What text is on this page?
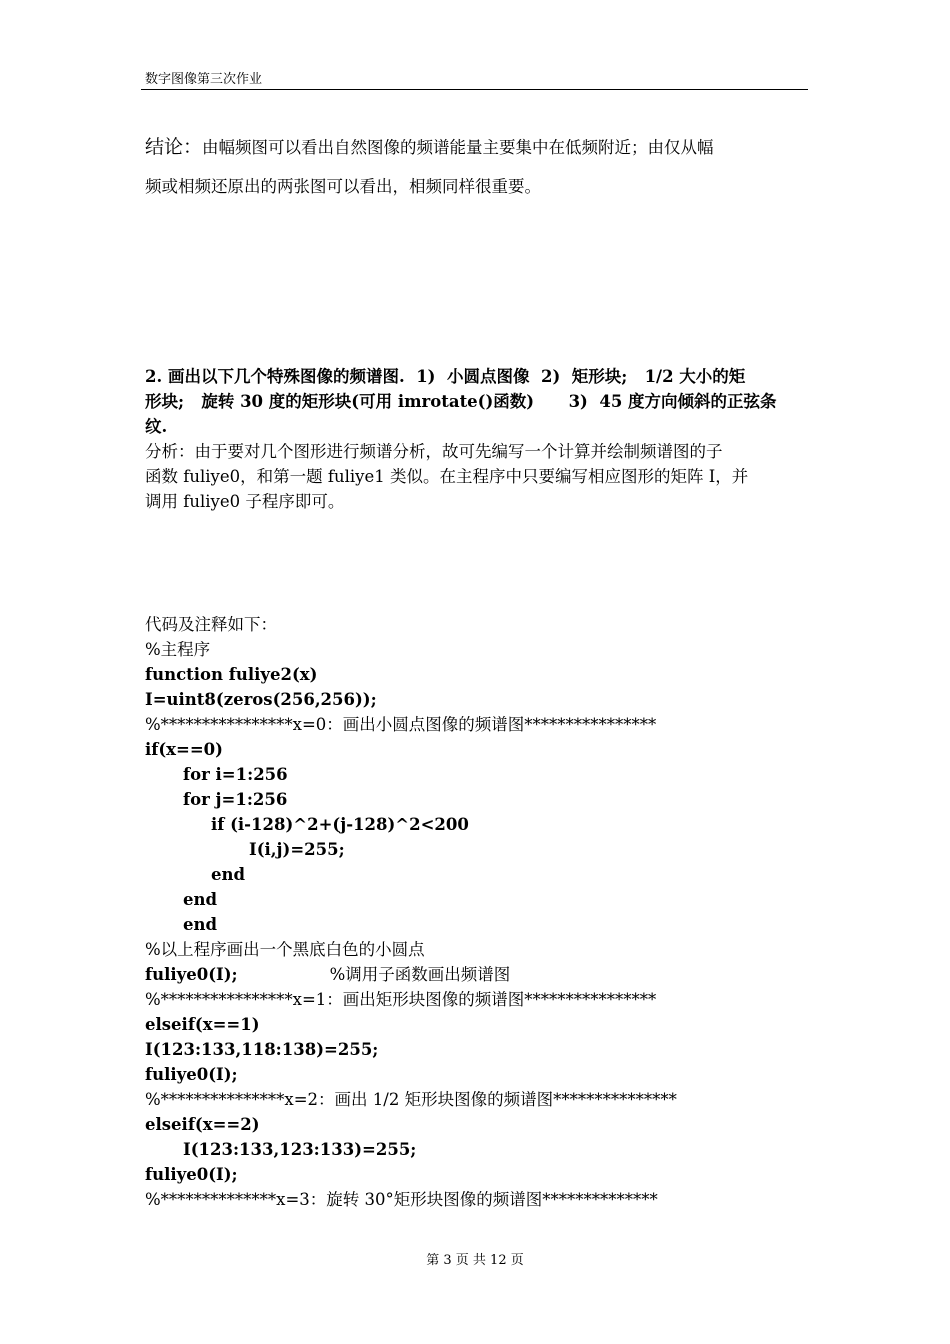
数字图像第三次作业
结论：由幅频图可以看出自然图像的频谱能量主要集中在低频附近；由仅从幅
频或相频还原出的两张图可以看出，相频同样很重要。
2. 画出以下几个特殊图像的频谱图.  1)  小圆点图像  2)  矩形块;   1/2 大小的矩
形块;   旋转 30 度的矩形块(可用 imrotate()函数)      3)  45 度方向倾斜的正弦条
纹.
分析：由于要对几个图形进行频谱分析，故可先编写一个计算并绘制频谱图的子
函数 fuliye0，和第一题 fuliye1 类似。在主程序中只要编写相应图形的矩阵 I，并
调用 fuliye0 子程序即可。
代码及注释如下：
%主程序
function fuliye2(x)
I=uint8(zeros(256,256));
%****************x=0：画出小圆点图像的频谱图****************
if(x==0)
for i=1:256
for j=1:256
if (i-128)^2+(j-128)^2<200
I(i,j)=255;
end
end
end
%以上程序画出一个黑底白色的小圆点
fuliye0(I);	%调用子函数画出频谱图
%****************x=1：画出矩形块图像的频谱图****************
elseif(x==1)
I(123:133,118:138)=255;
fuliye0(I);
%***************x=2：画出 1/2 矩形块图像的频谱图***************
elseif(x==2)
I(123:133,123:133)=255;
fuliye0(I);
%**************x=3：旋转 30°矩形块图像的频谱图**************
第 3 页 共 12 页
